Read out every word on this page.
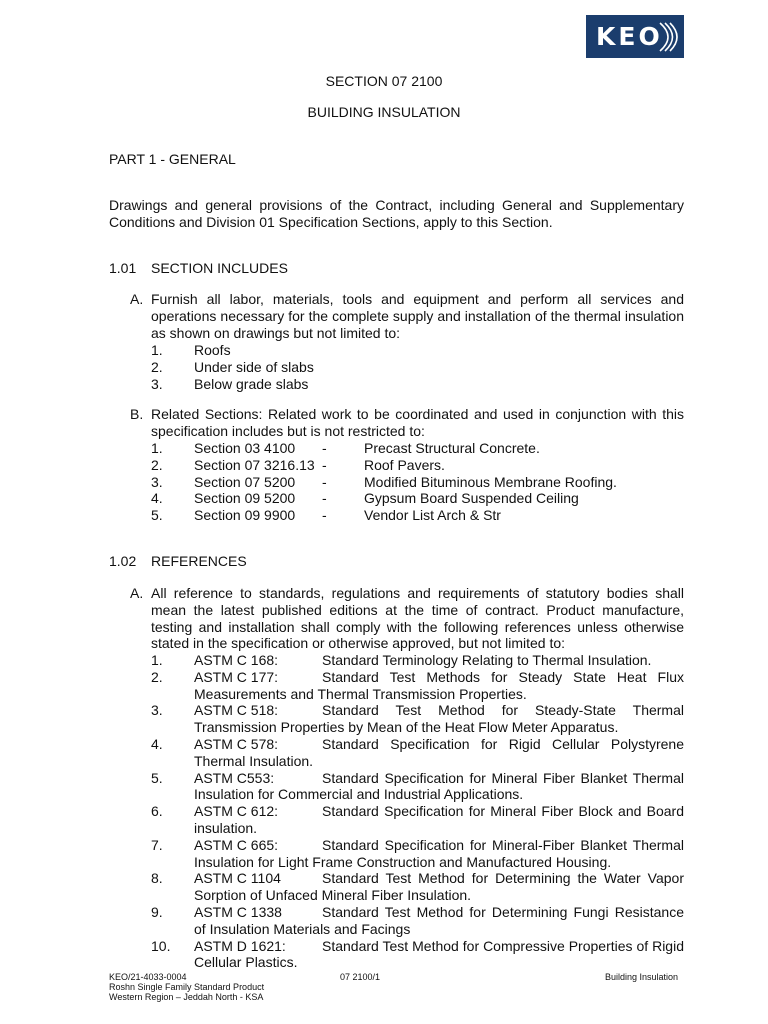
KEO
SECTION 07 2100
BUILDING INSULATION
PART 1 - GENERAL
Drawings and general provisions of the Contract, including General and Supplementary Conditions and Division 01 Specification Sections, apply to this Section.
1.01 SECTION INCLUDES
A. Furnish all labor, materials, tools and equipment and perform all services and operations necessary for the complete supply and installation of the thermal insulation as shown on drawings but not limited to:
1. Roofs
2. Under side of slabs
3. Below grade slabs
B. Related Sections: Related work to be coordinated and used in conjunction with this specification includes but is not restricted to:
1. Section 03 4100 -	Precast Structural Concrete.
2. Section 07 3216.13 -	Roof Pavers.
3. Section 07 5200 -	Modified Bituminous Membrane Roofing.
4. Section 09 5200 -	Gypsum Board Suspended Ceiling
5. Section 09 9900 -	Vendor List Arch & Str
1.02 REFERENCES
A. All reference to standards, regulations and requirements of statutory bodies shall mean the latest published editions at the time of contract. Product manufacture, testing and installation shall comply with the following references unless otherwise stated in the specification or otherwise approved, but not limited to:
1. ASTM C 168:	Standard Terminology Relating to Thermal Insulation.
2. ASTM C 177:	Standard Test Methods for Steady State Heat Flux Measurements and Thermal Transmission Properties.
3. ASTM C 518:	Standard Test Method for Steady-State Thermal Transmission Properties by Mean of the Heat Flow Meter Apparatus.
4. ASTM C 578:	Standard Specification for Rigid Cellular Polystyrene Thermal Insulation.
5. ASTM C553:	Standard Specification for Mineral Fiber Blanket Thermal Insulation for Commercial and Industrial Applications.
6. ASTM C 612:	Standard Specification for Mineral Fiber Block and Board insulation.
7. ASTM C 665:	Standard Specification for Mineral-Fiber Blanket Thermal Insulation for Light Frame Construction and Manufactured Housing.
8. ASTM C 1104	Standard Test Method for Determining the Water Vapor Sorption of Unfaced Mineral Fiber Insulation.
9. ASTM C 1338	Standard Test Method for Determining Fungi Resistance of Insulation Materials and Facings
10. ASTM D 1621:	Standard Test Method for Compressive Properties of Rigid Cellular Plastics.
KEO/21-4033-0004
Roshn Single Family Standard Product
Western Region – Jeddah North - KSA
07 2100/1	Building Insulation
